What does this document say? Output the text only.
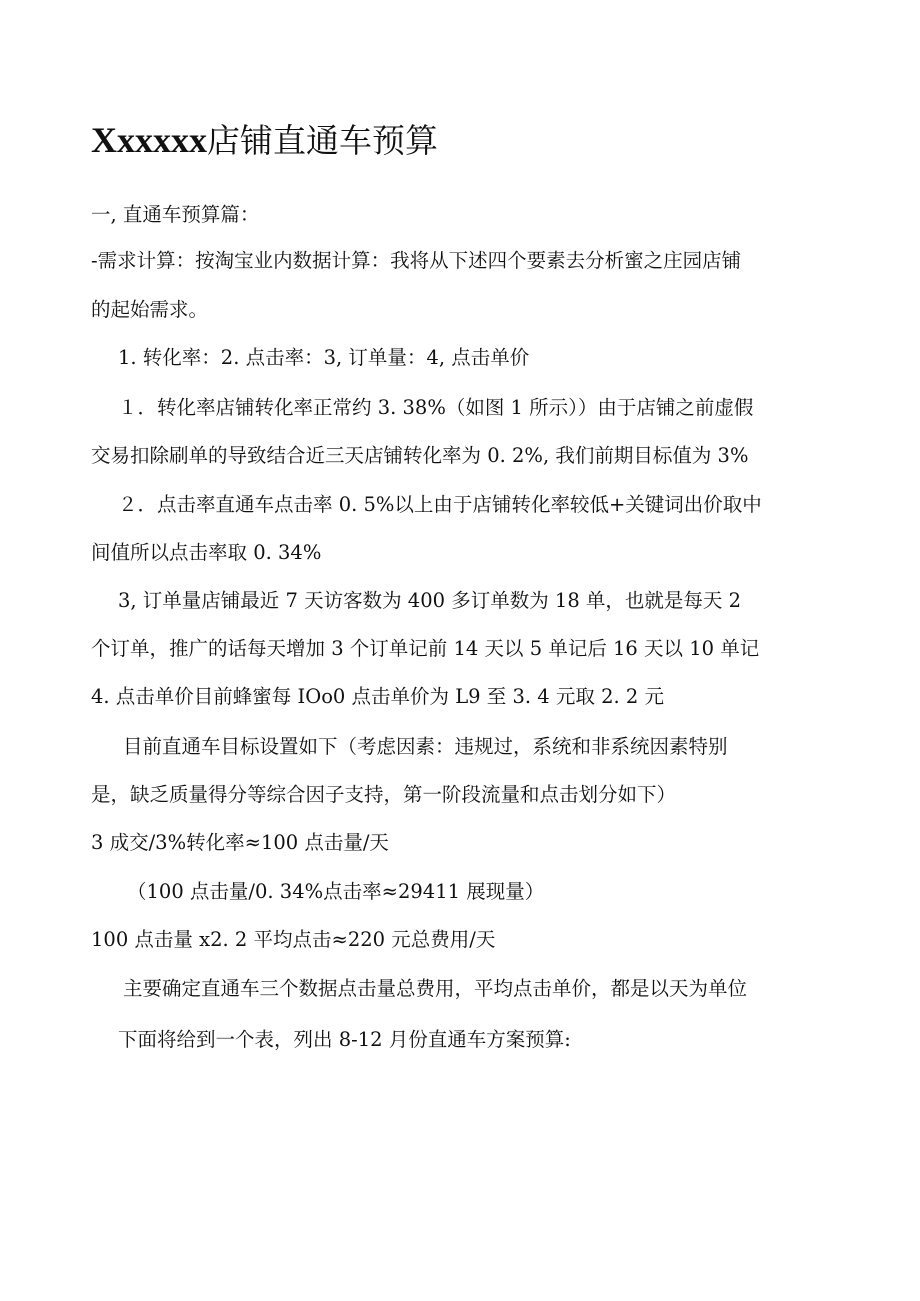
Xxxxxx店铺直通车预算

一, 直通车预算篇：

-需求计算：按淘宝业内数据计算：我将从下述四个要素去分析蜜之庄园店铺

的起始需求。

1. 转化率：2. 点击率：3, 订单量：4, 点击单价

１．转化率店铺转化率正常约 3. 38%（如图 1 所示））由于店铺之前虚假

交易扣除刷单的导致结合近三天店铺转化率为 0. 2%, 我们前期目标值为 3%

２．点击率直通车点击率 0. 5%以上由于店铺转化率较低+关键词出价取中

间值所以点击率取 0. 34%

3, 订单量店铺最近 7 天访客数为 400 多订单数为 18 单，也就是每天 2

个订单，推广的话每天增加 3 个订单记前 14 天以 5 单记后 16 天以 10 单记

4. 点击单价目前蜂蜜每 IOo0 点击单价为 L9 至 3. 4 元取 2. 2 元

目前直通车目标设置如下（考虑因素：违规过，系统和非系统因素特别

是，缺乏质量得分等综合因子支持，第一阶段流量和点击划分如下）

3 成交/3%转化率≈100 点击量/天

（100 点击量/0. 34%点击率≈29411 展现量）

100 点击量 x2. 2 平均点击≈220 元总费用/天

主要确定直通车三个数据点击量总费用，平均点击单价，都是以天为单位

下面将给到一个表，列出 8-12 月份直通车方案预算:
